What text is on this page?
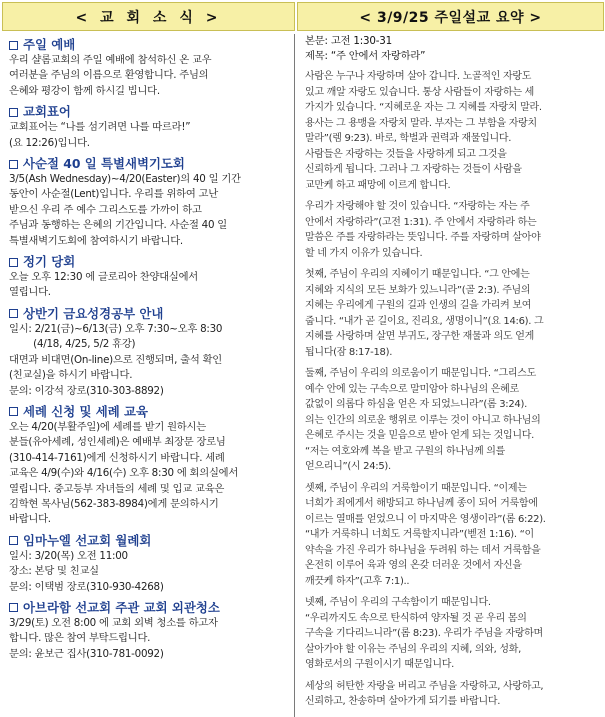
< 교 회 소 식 >	< 3/9/25 주일설교 요약 >
주일 예배
우리 샬롬교회의 주일 예배에 참석하신 온 교우
여러분을 주님의 이름으로 환영합니다. 주님의
은혜와 평강이 함께 하시길 빕니다.
교회표어
교회표어는 “나를 섬기려면 나를 따르라!”
(요 12:26)입니다.
사순절 40 일 특별새벽기도회
3/5(Ash Wednesday)~4/20(Easter)의 40 일 기간
동안이 사순절(Lent)입니다. 우리를 위하여 고난
받으신 우리 주 예수 그리스도를 가까이 하고
주님과 동행하는 은혜의 기간입니다. 사순절 40 일
특별새벽기도회에 참여하시기 바랍니다.
정기 당회
오늘 오후 12:30 에 글로리아 찬양대실에서
열립니다.
상반기 금요성경공부 안내
일시: 2/21(금)~6/13(금) 오후 7:30~오후 8:30
(4/18, 4/25, 5/2 휴강)
대면과 비대면(On-line)으로 진행되며, 출석 확인
(친교실)을 하시기 바랍니다.
문의: 이강석 장로(310-303-8892)
세례 신청 및 세례 교육
오는 4/20(부활주일)에 세례를 받기 원하시는
분들(유아세례, 성인세례)은 예배부 최장문 장로님
(310-414-7161)에게 신청하시기 바랍니다. 세례
교육은 4/9(수)와 4/16(수) 오후 8:30 에 회의실에서
열립니다. 중고등부 자녀들의 세례 및 입교 교육은
김학현 목사님(562-383-8984)에게 문의하시기
바랍니다.
임마누엘 선교회 월례회
일시: 3/20(목) 오전 11:00
장소: 본당 및 친교실
문의: 이택범 장로(310-930-4268)
아브라함 선교회 주관 교회 외관청소
3/29(토) 오전 8:00 에 교회 외벽 청소를 하고자
합니다. 많은 참여 부탁드립니다.
문의: 윤보근 집사(310-781-0092)
본문: 고전 1:30-31
제목: “주 안에서 자랑하라”
사람은 누구나 자랑하며 살아 갑니다. 노골적인 자랑도
있고 깨알 자랑도 있습니다. 통상 사람들이 자랑하는 세
가지가 있습니다. “지혜로운 자는 그 지혜를 자랑치 말라.
용사는 그 용맹을 자랑치 말라. 부자는 그 부함을 자랑치
말라”(렘 9:23). 바로, 학벌과 권력과 재물입니다.
사람들은 자랑하는 것들을 사랑하게 되고 그것을
신뢰하게 됩니다. 그러나 그 자랑하는 것들이 사람을
교만케 하고 패망에 이르게 합니다.
우리가 자랑해야 할 것이 있습니다. “자랑하는 자는 주
안에서 자랑하라”(고전 1:31). 주 안에서 자랑하라 하는
말씀은 주를 자랑하라는 뜻입니다. 주를 자랑하며 살아야
할 네 가지 이유가 있습니다.
첫째, 주님이 우리의 지혜이기 때문입니다. “그 안에는
지혜와 지식의 모든 보화가 있느니라”(골 2:3). 주님의
지혜는 우리에게 구원의 길과 인생의 길을 가리켜 보여
줍니다. “내가 곧 길이요, 진리요, 생명이니”(요 14:6). 그
지혜를 사랑하며 살면 부귀도, 장구한 재물과 의도 얻게
됩니다(잠 8:17-18).
둘째, 주님이 우리의 의로움이기 때문입니다. “그리스도
예수 안에 있는 구속으로 말미암아 하나님의 은혜로
값없이 의롭다 하심을 얻은 자 되었느니라”(롬 3:24).
의는 인간의 의로운 행위로 이루는 것이 아니고 하나님의
은혜로 주시는 것을 믿음으로 받아 얻게 되는 것입니다.
“저는 여호와께 복을 받고 구원의 하나님께 의를
얻으리니”(시 24:5).
셋째, 주님이 우리의 거룩함이기 때문입니다. “이제는
너희가 죄에게서 해방되고 하나님께 종이 되어 거룩함에
이르는 열매를 얻었으니 이 마지막은 영생이라”(롬 6:22).
“내가 거룩하니 너희도 거룩할지니라”(벧전 1:16). “이
약속을 가진 우리가 하나님을 두려워 하는 데서 거룩함을
온전히 이루어 육과 영의 온갖 더러운 것에서 자신을
깨끗케 하자”(고후 7:1)..
넷째, 주님이 우리의 구속함이기 때문입니다.
“우리까지도 속으로 탄식하여 양자될 것 곧 우리 몸의
구속을 기다리느니라”(롬 8:23). 우리가 주님을 자랑하며
살아가야 할 이유는 주님의 우리의 지혜, 의와, 성화,
영화로서의 구원이시기 때문입니다.
세상의 허탄한 자랑을 버리고 주님을 자랑하고, 사랑하고,
신뢰하고, 찬송하며 살아가게 되기를 바랍니다.
